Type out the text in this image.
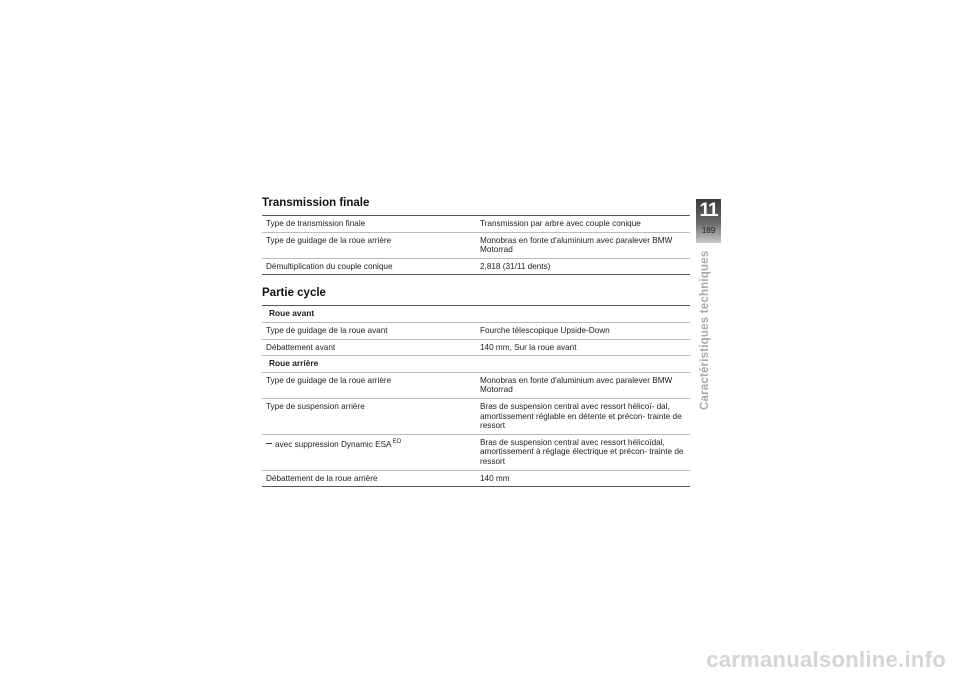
Transmission finale
Type de transmission finale	Transmission par arbre avec couple conique
Type de guidage de la roue arrière	Monobras en fonte d'aluminium avec paralever BMW Motorrad
Démultiplication du couple conique	2,818 (31/11 dents)
Partie cycle
Roue avant
Type de guidage de la roue avant	Fourche télescopique Upside-Down
Débattement avant	140 mm, Sur la roue avant
Roue arrière
Type de guidage de la roue arrière	Monobras en fonte d'aluminium avec paralever BMW Motorrad
Type de suspension arrière	Bras de suspension central avec ressort hélicoï- dal, amortissement réglable en détente et précon- trainte de ressort
avec suppression Dynamic $ESA^{EO}$	Bras de suspension central avec ressort hélicoïdal, amortissement à réglage électrique et précon- trainte de ressort
Débattement de la roue arrière	140 mm
11
189
Caractéristiques techniques
carmanualsonline.info
